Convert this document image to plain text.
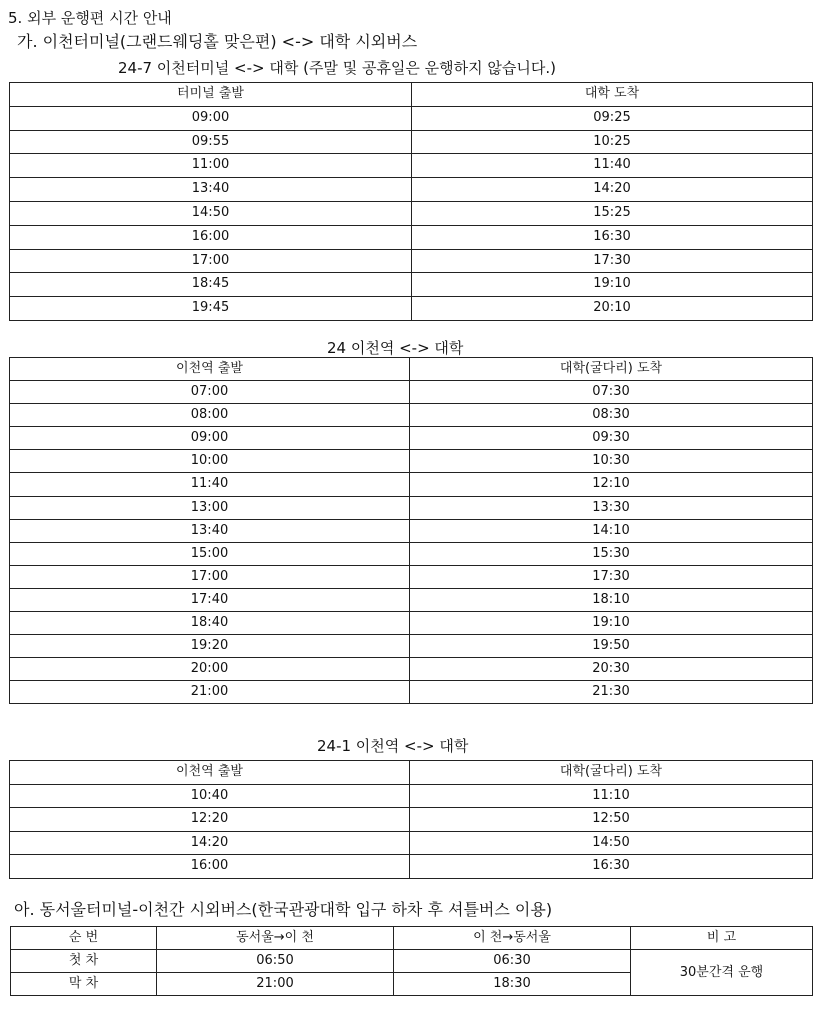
5. 외부 운행편 시간 안내
가. 이천터미널(그랜드웨딩홀 맞은편) <-> 대학 시외버스
24-7 이천터미널 <-> 대학 (주말 및 공휴일은 운행하지 않습니다.)
터미널 출발	대학 도착
09:00	09:25
09:55	10:25
11:00	11:40
13:40	14:20
14:50	15:25
16:00	16:30
17:00	17:30
18:45	19:10
19:45	20:10
24 이천역 <-> 대학
이천역 출발	대학(굴다리) 도착
07:00	07:30
08:00	08:30
09:00	09:30
10:00	10:30
11:40	12:10
13:00	13:30
13:40	14:10
15:00	15:30
17:00	17:30
17:40	18:10
18:40	19:10
19:20	19:50
20:00	20:30
21:00	21:30
24-1 이천역 <-> 대학
이천역 출발	대학(굴다리) 도착
10:40	11:10
12:20	12:50
14:20	14:50
16:00	16:30
아. 동서울터미널-이천간 시외버스(한국관광대학 입구 하차 후 셔틀버스 이용)
순 번	동서울→이 천	이 천→동서울	비 고
첫 차	06:50	06:30	30분간격 운행
막 차	21:00	18:30	
